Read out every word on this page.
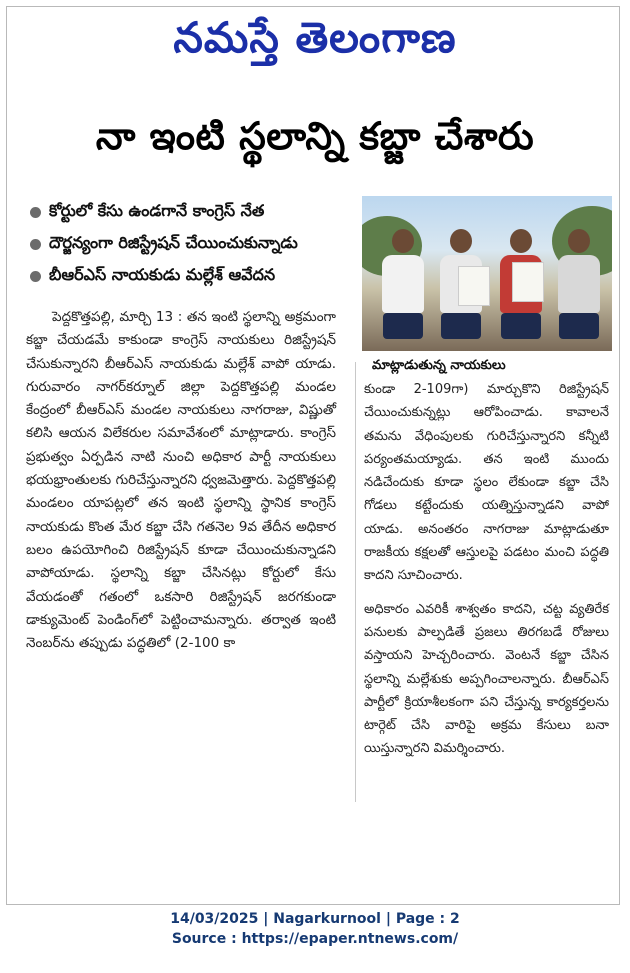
నమస్తే తెలంగాణ
నా ఇంటి స్థలాన్ని కబ్జా చేశారు
కోర్టులో కేసు ఉండగానే కాంగ్రెస్ నేత
దౌర్జన్యంగా రిజిస్ట్రేషన్ చేయించుకున్నాడు
బీఆర్ఎస్ నాయకుడు మల్లేశ్ ఆవేదన
మాట్లాడుతున్న నాయకులు

పెద్దకొత్తపల్లి, మార్చి 13 : తన ఇంటి స్థలాన్ని అక్రమంగా కబ్జా చేయడమే కాకుండా కాంగ్రెస్ నాయకులు రిజిస్ట్రేషన్ చేసుకున్నారని బీఆర్ఎస్ నాయకుడు మల్లేశ్ వాపో యాడు. గురువారం నాగర్‌కర్నూల్ జిల్లా పెద్దకొత్తపల్లి మండల కేంద్రంలో బీఆర్ఎస్ మండల నాయకులు నాగరాజు, విష్ణుతో కలిసి ఆయన విలేకరుల సమావేశంలో మాట్లాడారు. కాంగ్రెస్ ప్రభుత్వం ఏర్పడిన నాటి నుంచి అధికార పార్టీ నాయకులు భయభ్రాంతులకు గురిచేస్తున్నారని ధ్వజమెత్తారు. పెద్దకొత్తపల్లి మండలం యాపట్లలో తన ఇంటి స్థలాన్ని స్థానిక కాంగ్రెస్ నాయకుడు కొంత మేర కబ్జా చేసి గతనెల 9వ తేదీన అధికార బలం ఉపయోగించి రిజిస్ట్రేషన్ కూడా చేయించుకున్నాడని వాపోయాడు. స్థలాన్ని కబ్జా చేసినట్లు కోర్టులో కేసు వేయడంతో గతంలో ఒకసారి రిజిస్ట్రేషన్ జరగకుండా డాక్యుమెంట్ పెండింగ్‌లో పెట్టించామన్నారు. తర్వాత ఇంటి నెంబర్‌ను తప్పుడు పద్ధతిలో (2-100 కా

కుండా 2-109గా) మార్చుకొని రిజిస్ట్రేషన్ చేయించుకున్నట్లు ఆరోపించాడు. కావాలనే తమను వేధింపులకు గురిచేస్తున్నారని కన్నీటి పర్యంతమయ్యాడు. తన ఇంటి ముందు నడిచేందుకు కూడా స్థలం లేకుండా కబ్జా చేసి గోడలు కట్టేందుకు యత్నిస్తున్నాడని వాపో యాడు. అనంతరం నాగరాజు మాట్లాడుతూ రాజకీయ కక్షలతో ఆస్తులపై పడటం మంచి పద్ధతి కాదని సూచించారు.

అధికారం ఎవరికీ శాశ్వతం కాదని, చట్ట వ్యతిరేక పనులకు పాల్పడితే ప్రజలు తిరగబడే రోజులు వస్తాయని హెచ్చరించారు. వెంటనే కబ్జా చేసిన స్థలాన్ని మల్లేశుకు అప్పగించాలన్నారు. బీఆర్ఎస్ పార్టీలో క్రియాశీలకంగా పని చేస్తున్న కార్యకర్తలను టార్గెట్ చేసి వారిపై అక్రమ కేసులు బనా యిస్తున్నారని విమర్శించారు.

14/03/2025 | Nagarkurnool | Page : 2
Source : https://epaper.ntnews.com/
